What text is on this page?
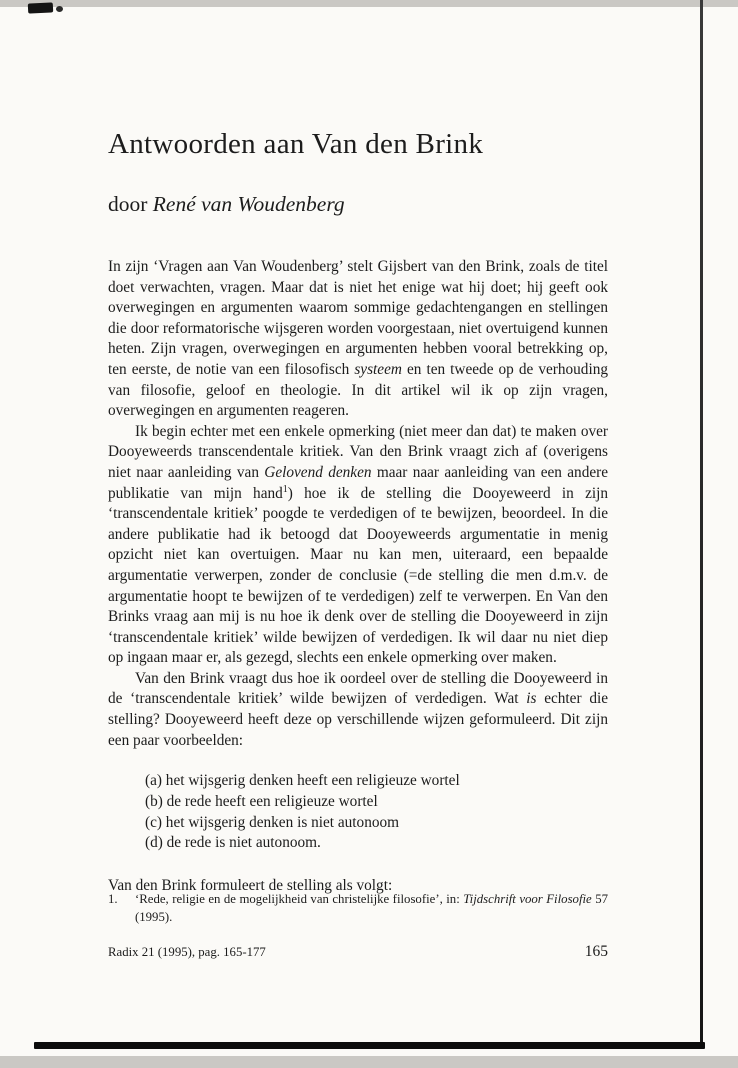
Antwoorden aan Van den Brink
door René van Woudenberg

In zijn ‘Vragen aan Van Woudenberg’ stelt Gijsbert van den Brink, zoals de titel doet verwachten, vragen. Maar dat is niet het enige wat hij doet; hij geeft ook overwegingen en argumenten waarom sommige gedachtengangen en stellingen die door reformatorische wijsgeren worden voorgestaan, niet overtuigend kunnen heten. Zijn vragen, overwegingen en argumenten hebben vooral betrekking op, ten eerste, de notie van een filosofisch systeem en ten tweede op de verhouding van filosofie, geloof en theologie. In dit artikel wil ik op zijn vragen, overwegingen en argumenten reageren.

Ik begin echter met een enkele opmerking (niet meer dan dat) te maken over Dooyeweerds transcendentale kritiek. Van den Brink vraagt zich af (overigens niet naar aanleiding van Gelovend denken maar naar aanleiding van een andere publikatie van mijn hand$^1$) hoe ik de stelling die Dooyeweerd in zijn ‘transcendentale kritiek’ poogde te verdedigen of te bewijzen, beoordeel. In die andere publikatie had ik betoogd dat Dooyeweerds argumentatie in menig opzicht niet kan overtuigen. Maar nu kan men, uiteraard, een bepaalde argumentatie verwerpen, zonder de conclusie (=de stelling die men d.m.v. de argumentatie hoopt te bewijzen of te verdedigen) zelf te verwerpen. En Van den Brinks vraag aan mij is nu hoe ik denk over de stelling die Dooyeweerd in zijn ‘transcendentale kritiek’ wilde bewijzen of verdedigen. Ik wil daar nu niet diep op ingaan maar er, als gezegd, slechts een enkele opmerking over maken.

Van den Brink vraagt dus hoe ik oordeel over de stelling die Dooyeweerd in de ‘transcendentale kritiek’ wilde bewijzen of verdedigen. Wat is echter die stelling? Dooyeweerd heeft deze op verschillende wijzen geformuleerd. Dit zijn een paar voorbeelden:

(a) het wijsgerig denken heeft een religieuze wortel
(b) de rede heeft een religieuze wortel
(c) het wijsgerig denken is niet autonoom
(d) de rede is niet autonoom.

Van den Brink formuleert de stelling als volgt:

1.	‘Rede, religie en de mogelijkheid van christelijke filosofie’, in: Tijdschrift voor Filosofie 57 (1995).
Radix 21 (1995), pag. 165-177	165
